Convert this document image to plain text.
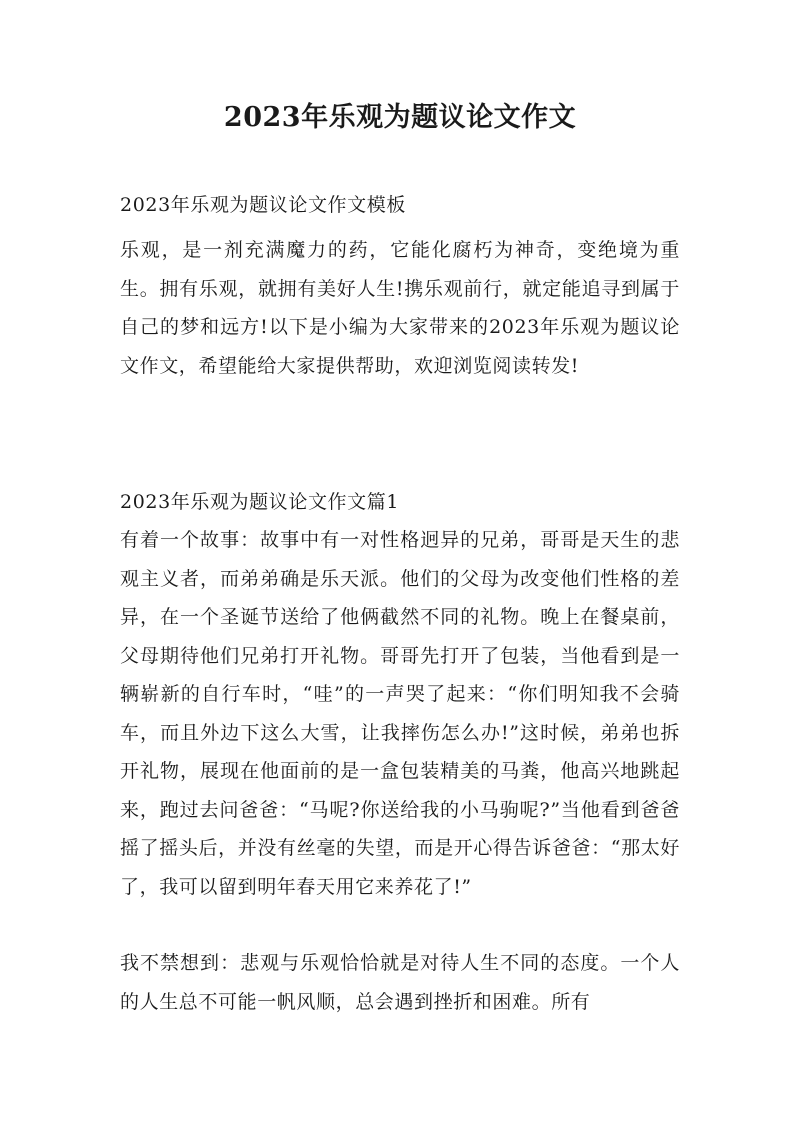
2023年乐观为题议论文作文
2023年乐观为题议论文作文模板
乐观，是一剂充满魔力的药，它能化腐朽为神奇，变绝境为重生。拥有乐观，就拥有美好人生!携乐观前行，就定能追寻到属于自己的梦和远方!以下是小编为大家带来的2023年乐观为题议论文作文，希望能给大家提供帮助，欢迎浏览阅读转发!
2023年乐观为题议论文作文篇1
有着一个故事：故事中有一对性格迥异的兄弟，哥哥是天生的悲观主义者，而弟弟确是乐天派。他们的父母为改变他们性格的差异，在一个圣诞节送给了他俩截然不同的礼物。晚上在餐桌前，父母期待他们兄弟打开礼物。哥哥先打开了包装，当他看到是一辆崭新的自行车时，“哇”的一声哭了起来：“你们明知我不会骑车，而且外边下这么大雪，让我摔伤怎么办!”这时候，弟弟也拆开礼物，展现在他面前的是一盒包装精美的马粪，他高兴地跳起来，跑过去问爸爸：“马呢?你送给我的小马驹呢?”当他看到爸爸摇了摇头后，并没有丝毫的失望，而是开心得告诉爸爸：“那太好了，我可以留到明年春天用它来养花了!”
我不禁想到：悲观与乐观恰恰就是对待人生不同的态度。一个人的人生总不可能一帆风顺，总会遇到挫折和困难。所有
